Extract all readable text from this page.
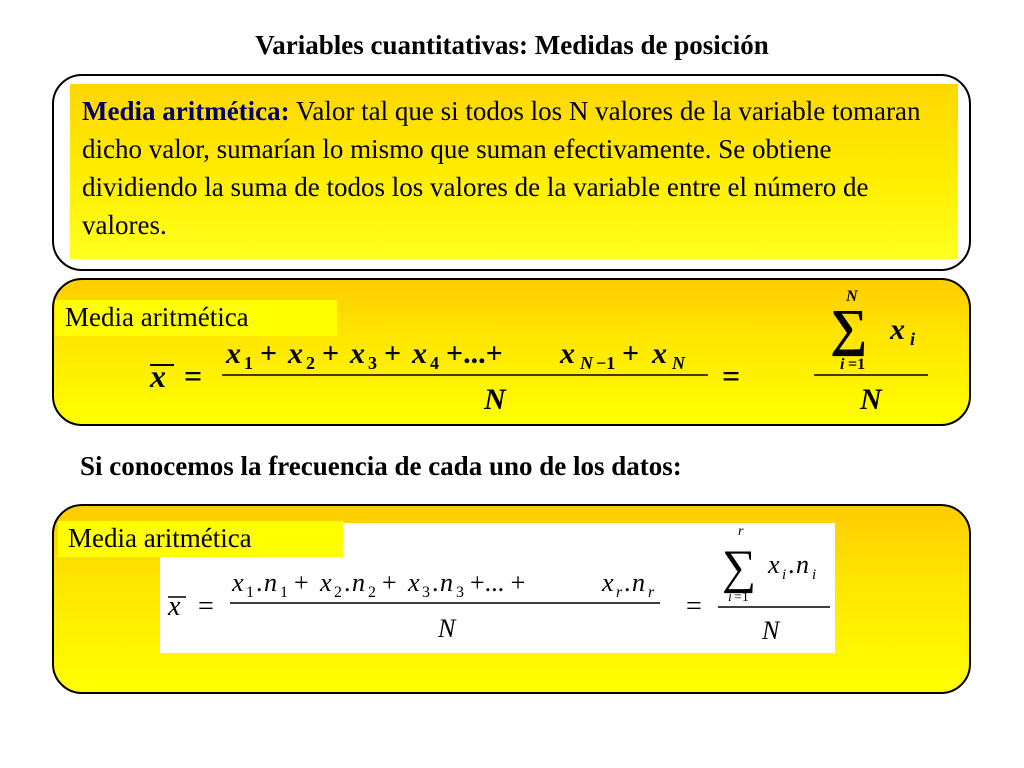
Variables cuantitativas: Medidas de posición

Media aritmética: Valor tal que si todos los N valores de la variable tomaran dicho valor, sumarían lo mismo que suman efectivamente. Se obtiene dividiendo la suma de todos los valores de la variable entre el número de valores.

x =
x 1 + x 2 + x 3 + x 4 +...+ x N −1 + x N
N
=
N
∑ x i
i =1
N
Media aritmética
Si conocemos la frecuencia de cada uno de los datos:
x =
x 1 . n 1 + x 2 . n 2 + x 3 . n 3 +... +	x r . n r
N
=
r
∑ x i . n i
i =1
N
Media aritmética
